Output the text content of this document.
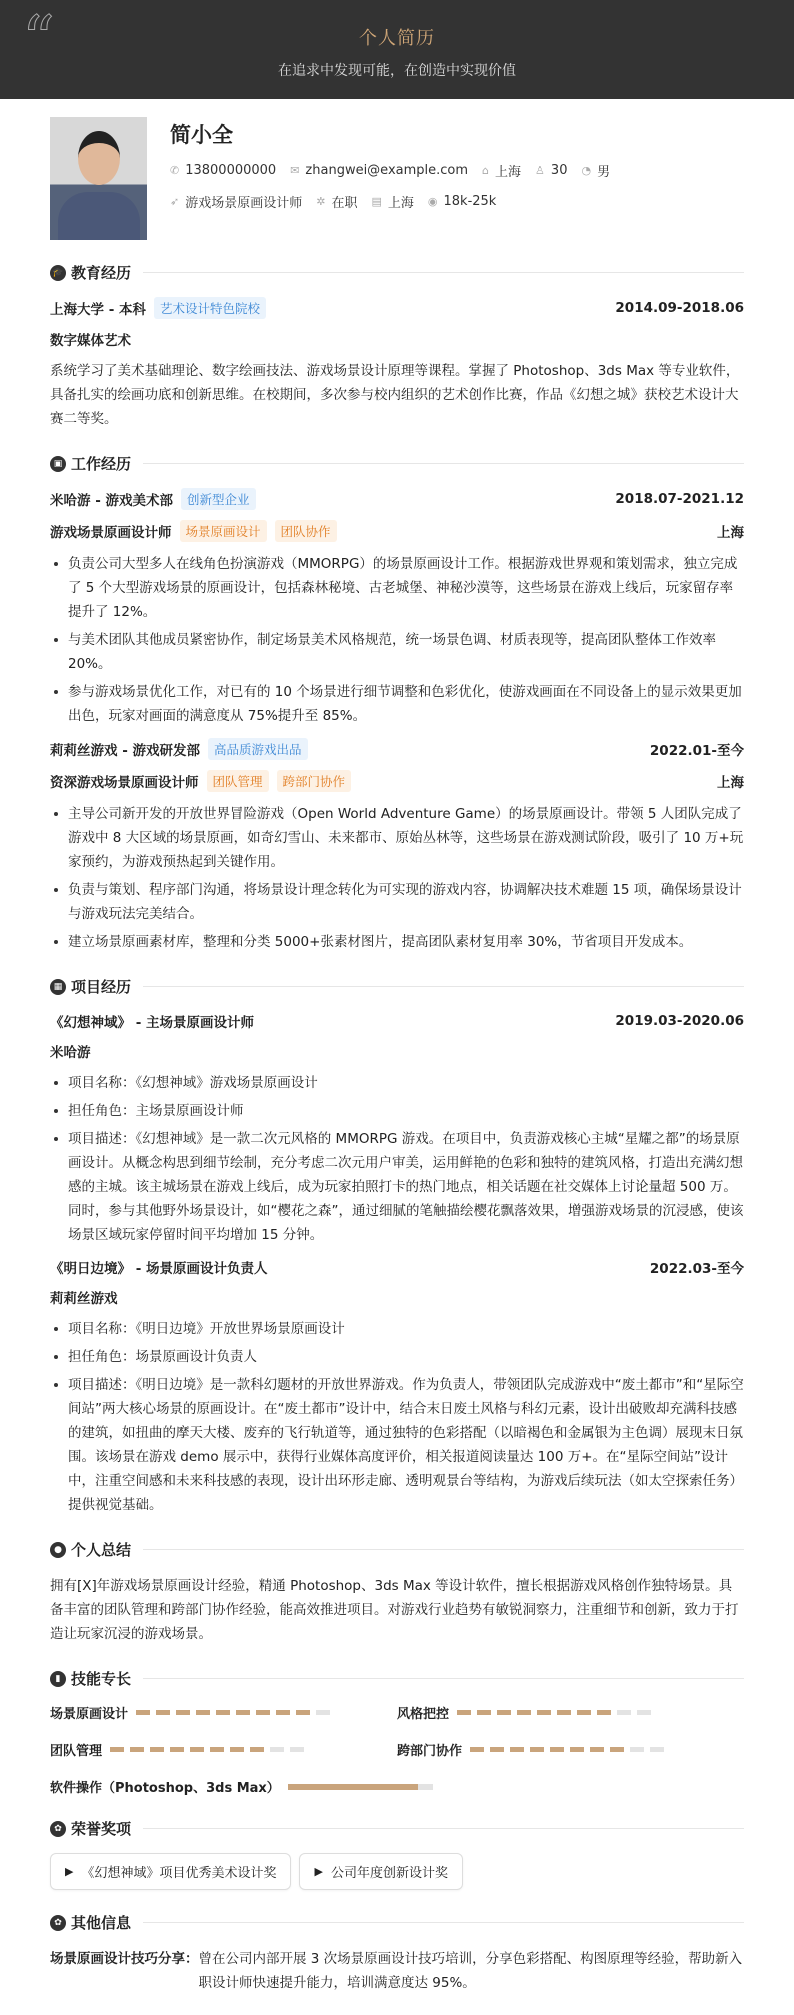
“	个人简历
在追求中发现可能，在创造中实现价值
简小全
✆ 13800000000 ✉ zhangwei@example.com ⌂ 上海 ♙ 30 ◔ 男
➶ 游戏场景原画设计师 ✲ 在职 ▤ 上海 ◉ 18k-25k
🎓 教育经历
上海大学 - 本科	艺术设计特色院校	2014.09-2018.06
数字媒体艺术

系统学习了美术基础理论、数字绘画技法、游戏场景设计原理等课程。掌握了 Photoshop、3ds Max 等专业软件，具备扎实的绘画功底和创新思维。在校期间，多次参与校内组织的艺术创作比赛，作品《幻想之城》获校艺术设计大赛二等奖。

▣ 工作经历
米哈游 - 游戏美术部	创新型企业	2018.07-2021.12
游戏场景原画设计师	场景原画设计	团队协作	上海
负责公司大型多人在线角色扮演游戏（MMORPG）的场景原画设计工作。根据游戏世界观和策划需求，独立完成了 5 个大型游戏场景的原画设计，包括森林秘境、古老城堡、神秘沙漠等，这些场景在游戏上线后，玩家留存率提升了 12%。
与美术团队其他成员紧密协作，制定场景美术风格规范，统一场景色调、材质表现等，提高团队整体工作效率 20%。
参与游戏场景优化工作，对已有的 10 个场景进行细节调整和色彩优化，使游戏画面在不同设备上的显示效果更加出色，玩家对画面的满意度从 75%提升至 85%。
莉莉丝游戏 - 游戏研发部	高品质游戏出品	2022.01-至今
资深游戏场景原画设计师	团队管理	跨部门协作	上海
主导公司新开发的开放世界冒险游戏（Open World Adventure Game）的场景原画设计。带领 5 人团队完成了游戏中 8 大区域的场景原画，如奇幻雪山、未来都市、原始丛林等，这些场景在游戏测试阶段，吸引了 10 万+玩家预约，为游戏预热起到关键作用。
负责与策划、程序部门沟通，将场景设计理念转化为可实现的游戏内容，协调解决技术难题 15 项，确保场景设计与游戏玩法完美结合。
建立场景原画素材库，整理和分类 5000+张素材图片，提高团队素材复用率 30%，节省项目开发成本。
▦ 项目经历
《幻想神域》 - 主场景原画设计师	2019.03-2020.06
米哈游
项目名称：《幻想神域》游戏场景原画设计
担任角色：主场景原画设计师
项目描述：《幻想神域》是一款二次元风格的 MMORPG 游戏。在项目中，负责游戏核心主城“星耀之都”的场景原画设计。从概念构思到细节绘制，充分考虑二次元用户审美，运用鲜艳的色彩和独特的建筑风格，打造出充满幻想感的主城。该主城场景在游戏上线后，成为玩家拍照打卡的热门地点，相关话题在社交媒体上讨论量超 500 万。同时，参与其他野外场景设计，如“樱花之森”，通过细腻的笔触描绘樱花飘落效果，增强游戏场景的沉浸感，使该场景区域玩家停留时间平均增加 15 分钟。
《明日边境》 - 场景原画设计负责人	2022.03-至今
莉莉丝游戏
项目名称：《明日边境》开放世界场景原画设计
担任角色：场景原画设计负责人
项目描述：《明日边境》是一款科幻题材的开放世界游戏。作为负责人，带领团队完成游戏中“废土都市”和“星际空间站”两大核心场景的原画设计。在“废土都市”设计中，结合末日废土风格与科幻元素，设计出破败却充满科技感的建筑，如扭曲的摩天大楼、废弃的飞行轨道等，通过独特的色彩搭配（以暗褐色和金属银为主色调）展现末日氛围。该场景在游戏 demo 展示中，获得行业媒体高度评价，相关报道阅读量达 100 万+。在“星际空间站”设计中，注重空间感和未来科技感的表现，设计出环形走廊、透明观景台等结构，为游戏后续玩法（如太空探索任务）提供视觉基础。
● 个人总结

拥有[X]年游戏场景原画设计经验，精通 Photoshop、3ds Max 等设计软件，擅长根据游戏风格创作独特场景。具备丰富的团队管理和跨部门协作经验，能高效推进项目。对游戏行业趋势有敏锐洞察力，注重细节和创新，致力于打造让玩家沉浸的游戏场景。

▮ 技能专长
场景原画设计	风格把控
团队管理	跨部门协作
软件操作（Photoshop、3ds Max）
✿ 荣誉奖项
▶ 《幻想神域》项目优秀美术设计奖	▶ 公司年度创新设计奖
✿ 其他信息
场景原画设计技巧分享： 曾在公司内部开展 3 次场景原画设计技巧培训，分享色彩搭配、构图原理等经验，帮助新入职设计师快速提升能力，培训满意度达 95%。
